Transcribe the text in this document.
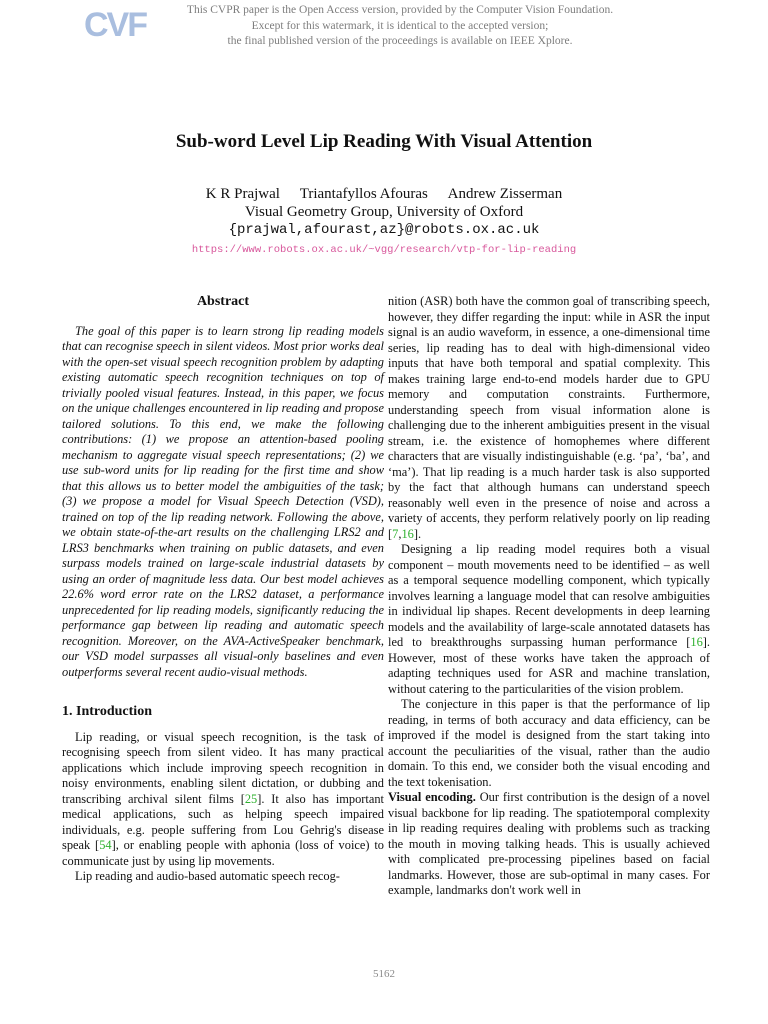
CVF	This CVPR paper is the Open Access version, provided by the Computer Vision Foundation.
Except for this watermark, it is identical to the accepted version;
the final published version of the proceedings is available on IEEE Xplore.
Sub-word Level Lip Reading With Visual Attention
K R Prajwal Triantafyllos Afouras Andrew Zisserman
Visual Geometry Group, University of Oxford
{prajwal,afourast,az}@robots.ox.ac.uk
https://www.robots.ox.ac.uk/~vgg/research/vtp-for-lip-reading
Abstract

The goal of this paper is to learn strong lip reading models that can recognise speech in silent videos. Most prior works deal with the open-set visual speech recognition problem by adapting existing automatic speech recognition techniques on top of trivially pooled visual features. Instead, in this paper, we focus on the unique challenges encountered in lip reading and propose tailored solutions. To this end, we make the following contributions: (1) we propose an attention-based pooling mechanism to aggregate visual speech representations; (2) we use sub-word units for lip reading for the first time and show that this allows us to better model the ambiguities of the task; (3) we propose a model for Visual Speech Detection (VSD), trained on top of the lip reading network. Following the above, we obtain state-of-the-art results on the challenging LRS2 and LRS3 benchmarks when training on public datasets, and even surpass models trained on large-scale industrial datasets by using an order of magnitude less data. Our best model achieves 22.6% word error rate on the LRS2 dataset, a performance unprecedented for lip reading models, significantly reducing the performance gap between lip reading and automatic speech recognition. Moreover, on the AVA-ActiveSpeaker benchmark, our VSD model surpasses all visual-only baselines and even outperforms several recent audio-visual methods.

1. Introduction

Lip reading, or visual speech recognition, is the task of recognising speech from silent video. It has many practical applications which include improving speech recognition in noisy environments, enabling silent dictation, or dubbing and transcribing archival silent films [25]. It also has important medical applications, such as helping speech impaired individuals, e.g. people suffering from Lou Gehrig's disease speak [54], or enabling people with aphonia (loss of voice) to communicate just by using lip movements.

Lip reading and audio-based automatic speech recog-

nition (ASR) both have the common goal of transcribing speech, however, they differ regarding the input: while in ASR the input signal is an audio waveform, in essence, a one-dimensional time series, lip reading has to deal with high-dimensional video inputs that have both temporal and spatial complexity. This makes training large end-to-end models harder due to GPU memory and computation constraints. Furthermore, understanding speech from visual information alone is challenging due to the inherent ambiguities present in the visual stream, i.e. the existence of homophemes where different characters that are visually indistinguishable (e.g. ‘pa’, ‘ba’, and ‘ma’). That lip reading is a much harder task is also supported by the fact that although humans can understand speech reasonably well even in the presence of noise and across a variety of accents, they perform relatively poorly on lip reading [7,16].

Designing a lip reading model requires both a visual component – mouth movements need to be identified – as well as a temporal sequence modelling component, which typically involves learning a language model that can resolve ambiguities in individual lip shapes. Recent developments in deep learning models and the availability of large-scale annotated datasets has led to breakthroughs surpassing human performance [16]. However, most of these works have taken the approach of adapting techniques used for ASR and machine translation, without catering to the particularities of the vision problem.

The conjecture in this paper is that the performance of lip reading, in terms of both accuracy and data efficiency, can be improved if the model is designed from the start taking into account the peculiarities of the visual, rather than the audio domain. To this end, we consider both the visual encoding and the text tokenisation.

Visual encoding. Our first contribution is the design of a novel visual backbone for lip reading. The spatiotemporal complexity in lip reading requires dealing with problems such as tracking the mouth in moving talking heads. This is usually achieved with complicated pre-processing pipelines based on facial landmarks. However, those are sub-optimal in many cases. For example, landmarks don't work well in

5162
